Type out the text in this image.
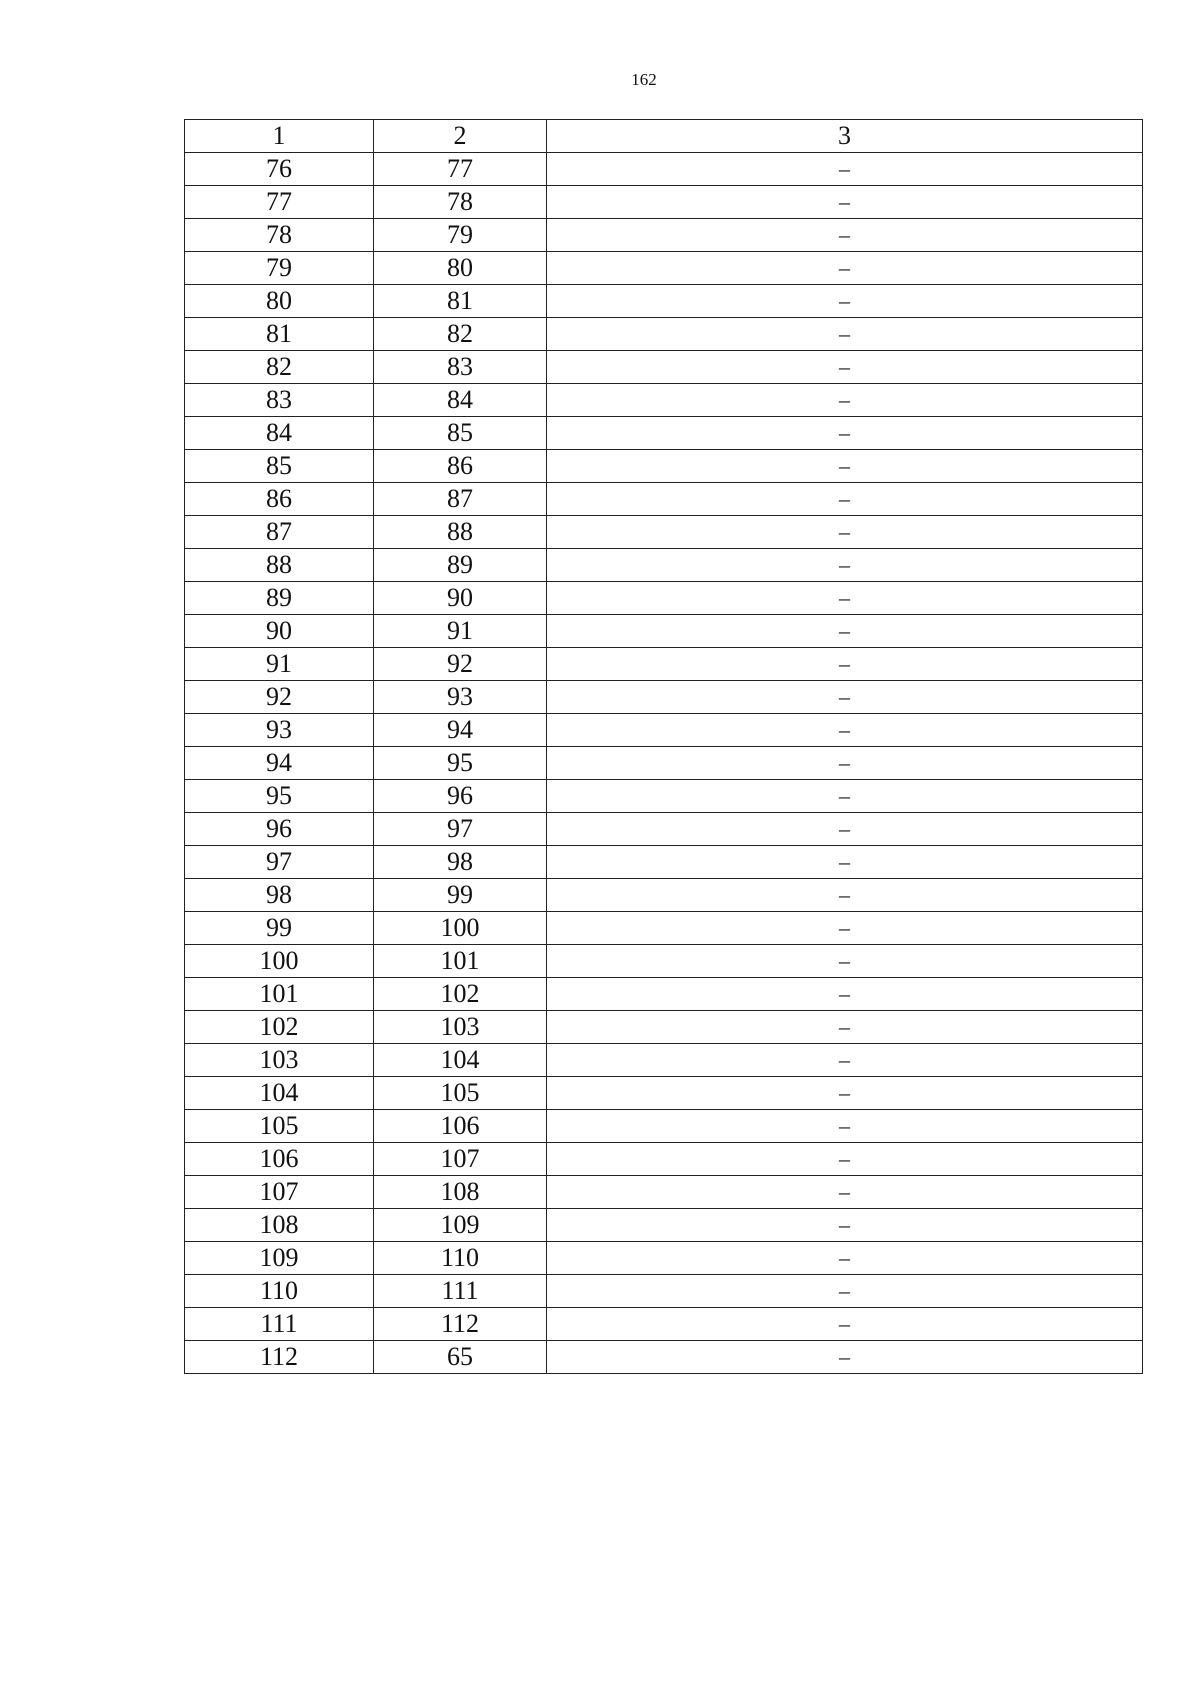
162
1	2	3
76	77	–
77	78	–
78	79	–
79	80	–
80	81	–
81	82	–
82	83	–
83	84	–
84	85	–
85	86	–
86	87	–
87	88	–
88	89	–
89	90	–
90	91	–
91	92	–
92	93	–
93	94	–
94	95	–
95	96	–
96	97	–
97	98	–
98	99	–
99	100	–
100	101	–
101	102	–
102	103	–
103	104	–
104	105	–
105	106	–
106	107	–
107	108	–
108	109	–
109	110	–
110	111	–
111	112	–
112	65	–
